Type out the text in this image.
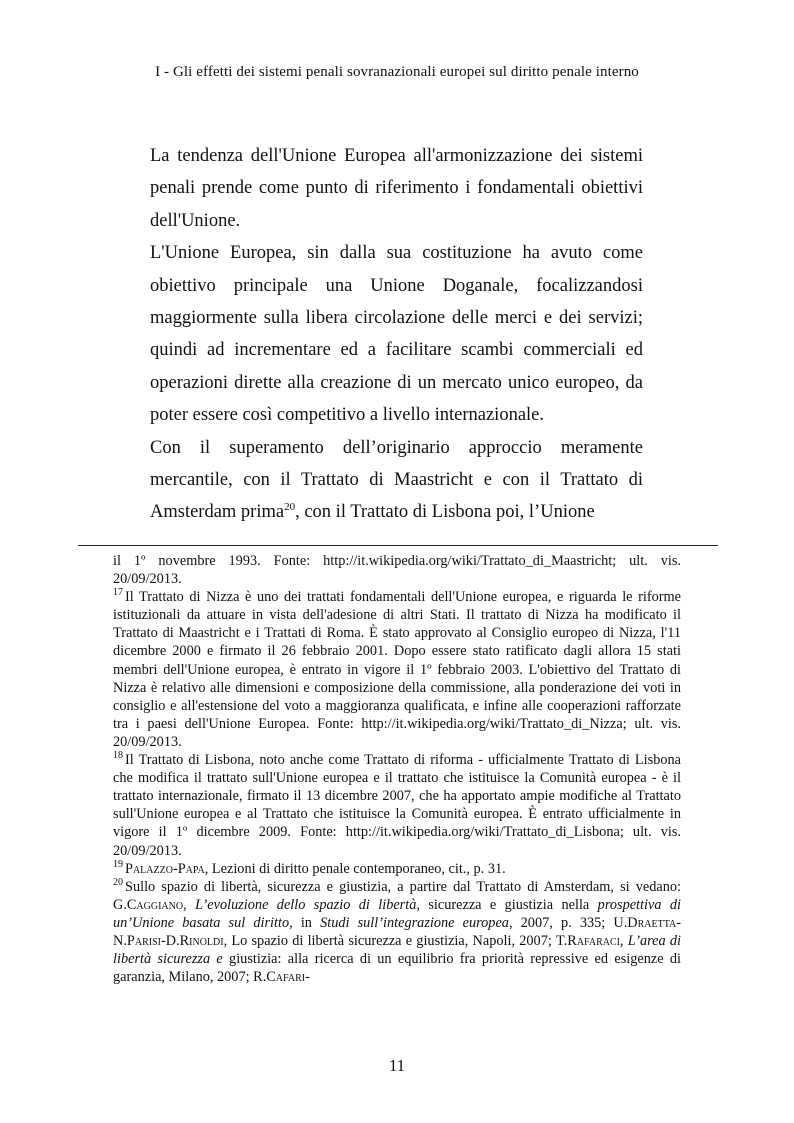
I - Gli effetti dei sistemi penali sovranazionali europei sul diritto penale interno

La tendenza dell'Unione Europea all'armonizzazione dei sistemi penali prende come punto di riferimento i fondamentali obiettivi dell'Unione.

L'Unione Europea, sin dalla sua costituzione ha avuto come obiettivo principale una Unione Doganale, focalizzandosi maggiormente sulla libera circolazione delle merci e dei servizi; quindi ad incrementare ed a facilitare scambi commerciali ed operazioni dirette alla creazione di un mercato unico europeo, da poter essere così competitivo a livello internazionale.

Con il superamento dell’originario approccio meramente mercantile, con il Trattato di Maastricht e con il Trattato di Amsterdam prima$^{20}$, con il Trattato di Lisbona poi, l’Unione

il 1º novembre 1993. Fonte: http://it.wikipedia.org/wiki/Trattato_di_Maastricht; ult. vis. 20/09/2013.

$^{17}$ Il Trattato di Nizza è uno dei trattati fondamentali dell'Unione europea, e riguarda le riforme istituzionali da attuare in vista dell'adesione di altri Stati. Il trattato di Nizza ha modificato il Trattato di Maastricht e i Trattati di Roma. È stato approvato al Consiglio europeo di Nizza, l'11 dicembre 2000 e firmato il 26 febbraio 2001. Dopo essere stato ratificato dagli allora 15 stati membri dell'Unione europea, è entrato in vigore il 1º febbraio 2003. L'obiettivo del Trattato di Nizza è relativo alle dimensioni e composizione della commissione, alla ponderazione dei voti in consiglio e all'estensione del voto a maggioranza qualificata, e infine alle cooperazioni rafforzate tra i paesi dell'Unione Europea. Fonte: http://it.wikipedia.org/wiki/Trattato_di_Nizza; ult. vis. 20/09/2013.

$^{18}$ Il Trattato di Lisbona, noto anche come Trattato di riforma - ufficialmente Trattato di Lisbona che modifica il trattato sull'Unione europea e il trattato che istituisce la Comunità europea - è il trattato internazionale, firmato il 13 dicembre 2007, che ha apportato ampie modifiche al Trattato sull'Unione europea e al Trattato che istituisce la Comunità europea. È entrato ufficialmente in vigore il 1º dicembre 2009. Fonte: http://it.wikipedia.org/wiki/Trattato_di_Lisbona; ult. vis. 20/09/2013.

$^{19}$ Palazzo-Papa, Lezioni di diritto penale contemporaneo, cit., p. 31.

$^{20}$ Sullo spazio di libertà, sicurezza e giustizia, a partire dal Trattato di Amsterdam, si vedano: G.Caggiano, L’evoluzione dello spazio di libertà, sicurezza e giustizia nella prospettiva di un’Unione basata sul diritto, in Studi sull’integrazione europea, 2007, p. 335; U.Draetta-N.Parisi-D.Rinoldi, Lo spazio di libertà sicurezza e giustizia, Napoli, 2007; T.Rafaraci, L’area di libertà sicurezza e giustizia: alla ricerca di un equilibrio fra priorità repressive ed esigenze di garanzia, Milano, 2007; R.Cafari-

11
